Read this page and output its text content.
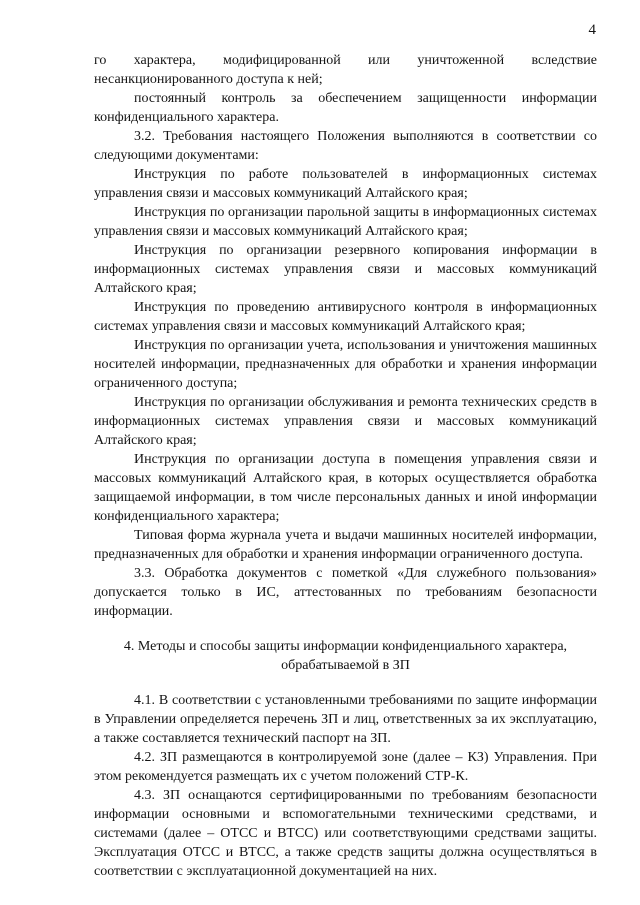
4

го характера, модифицированной или уничтоженной вследствие несанкционированного доступа к ней;

постоянный контроль за обеспечением защищенности информации конфиденциального характера.

3.2. Требования настоящего Положения выполняются в соответствии со следующими документами:

Инструкция по работе пользователей в информационных системах управления связи и массовых коммуникаций Алтайского края;

Инструкция по организации парольной защиты в информационных системах управления связи и массовых коммуникаций Алтайского края;

Инструкция по организации резервного копирования информации в информационных системах управления связи и массовых коммуникаций Алтайского края;

Инструкция по проведению антивирусного контроля в информационных системах управления связи и массовых коммуникаций Алтайского края;

Инструкция по организации учета, использования и уничтожения машинных носителей информации, предназначенных для обработки и хранения информации ограниченного доступа;

Инструкция по организации обслуживания и ремонта технических средств в информационных системах управления связи и массовых коммуникаций Алтайского края;

Инструкция по организации доступа в помещения управления связи и массовых коммуникаций Алтайского края, в которых осуществляется обработка защищаемой информации, в том числе персональных данных и иной информации конфиденциального характера;

Типовая форма журнала учета и выдачи машинных носителей информации, предназначенных для обработки и хранения информации ограниченного доступа.

3.3. Обработка документов с пометкой «Для служебного пользования» допускается только в ИС, аттестованных по требованиям безопасности информации.

4. Методы и способы защиты информации конфиденциального характера,
обрабатываемой в ЗП

4.1. В соответствии с установленными требованиями по защите информации в Управлении определяется перечень ЗП и лиц, ответственных за их эксплуатацию, а также составляется технический паспорт на ЗП.

4.2. ЗП размещаются в контролируемой зоне (далее – КЗ) Управления. При этом рекомендуется размещать их с учетом положений СТР-К.

4.3. ЗП оснащаются сертифицированными по требованиям безопасности информации основными и вспомогательными техническими средствами, и системами (далее – ОТСС и ВТСС) или соответствующими средствами защиты. Эксплуатация ОТСС и ВТСС, а также средств защиты должна осуществляться в соответствии с эксплуатационной документацией на них.
